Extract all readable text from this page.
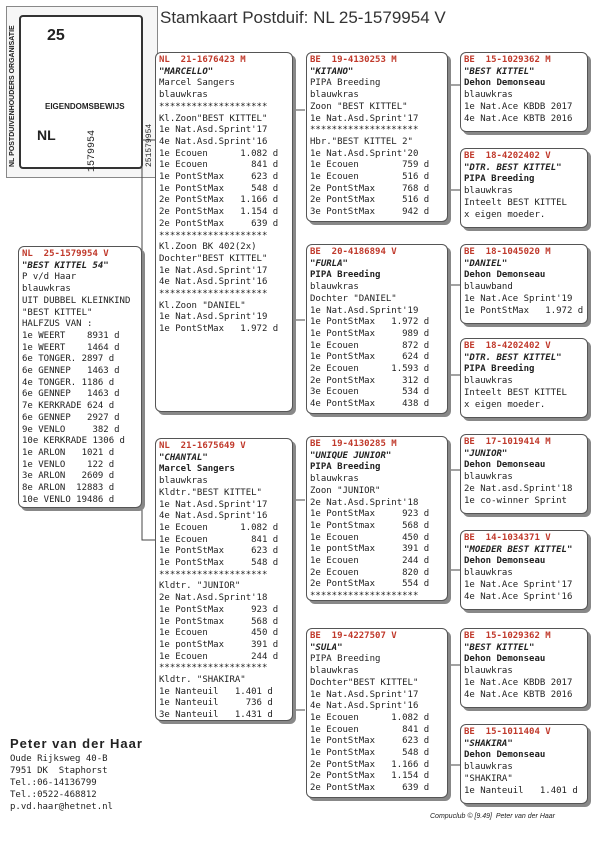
Stamkaart Postduif: NL 25-1579954 V
NL POSTDUIVENHOUDERS ORGANISATIE 25
EIGENDOMSBEWIJS
NL	1579954	251579954
NL  25-1579954 V
"BEST KITTEL 54"
P v/d Haar
blauwkras
UIT DUBBEL KLEINKIND
"BEST KITTEL"
HALFZUS VAN :
1e WEERT    8931 d
1e WEERT    1464 d
6e TONGER. 2897 d
6e GENNEP   1463 d
4e TONGER. 1186 d
6e GENNEP   1463 d
7e KERKRADE 624 d
6e GENNEP   2927 d
9e VENLO     382 d
10e KERKRADE 1306 d
1e ARLON   1021 d
1e VENLO    122 d
3e ARLON   2609 d
8e ARLON  12883 d
10e VENLO 19486 d
NL  21-1676423 M
"MARCELLO"
Marcel Sangers
blauwkras
********************
Kl.Zoon"BEST KITTEL"
1e Nat.Asd.Sprint'17
4e Nat.Asd.Sprint'16
1e Ecouen      1.082 d
1e Ecouen        841 d
1e PontStMax     623 d
1e PontStMax     548 d
2e PontStMax   1.166 d
2e PontStMax   1.154 d
2e PontStMax     639 d
********************
Kl.Zoon BK 402(2x)
Dochter"BEST KITTEL"
1e Nat.Asd.Sprint'17
4e Nat.Asd.Sprint'16
********************
Kl.Zoon "DANIEL"
1e Nat.Asd.Sprint'19
1e PontStMax   1.972 d
NL  21-1675649 V
"CHANTAL"
Marcel Sangers
blauwkras
Kldtr."BEST KITTEL"
1e Nat.Asd.Sprint'17
4e Nat.Asd.Sprint'16
1e Ecouen      1.082 d
1e Ecouen        841 d
1e PontStMax     623 d
1e PontStMax     548 d
********************
Kldtr. "JUNIOR"
2e Nat.Asd.Sprint'18
1e PontStMax     923 d
1e PontStmax     568 d
1e Ecouen        450 d
1e pontStMax     391 d
1e Ecouen        244 d
********************
Kldtr. "SHAKIRA"
1e Nanteuil   1.401 d
1e Nanteuil     736 d
3e Nanteuil   1.431 d
BE  19-4130253 M
"KITANO"
PIPA Breeding
blauwkras
Zoon "BEST KITTEL"
1e Nat.Asd.Sprint'17
********************
Hbr."BEST KITTEL 2"
1e Nat.Asd.Sprint'20
1e Ecouen        759 d
1e Ecouen        516 d
2e PontStMax     768 d
2e PontStMax     516 d
3e PontStMax     942 d
BE  20-4186894 V
"FURLA"
PIPA Breeding
blauwkras
Dochter "DANIEL"
1e Nat.Asd.Sprint'19
1e PontStMax   1.972 d
1e PontStMax     989 d
1e Ecouen        872 d
1e PontStMax     624 d
2e Ecouen      1.593 d
2e PontStMax     312 d
3e Ecouen        534 d
4e PontStMax     438 d
BE  19-4130285 M
"UNIQUE JUNIOR"
PIPA Breeding
blauwkras
Zoon "JUNIOR"
2e Nat.Asd.Sprint'18
1e PontStMax     923 d
1e PontStmax     568 d
1e Ecouen        450 d
1e pontStMax     391 d
1e Ecouen        244 d
2e Ecouen        820 d
2e PontStMax     554 d
********************
BE  19-4227507 V
"SULA"
PIPA Breeding
blauwkras
Dochter"BEST KITTEL"
1e Nat.Asd.Sprint'17
4e Nat.Asd.Sprint'16
1e Ecouen      1.082 d
1e Ecouen        841 d
1e PontStMax     623 d
1e PontStMax     548 d
2e PontStMax   1.166 d
2e PontStMax   1.154 d
2e PontStMax     639 d
BE  15-1029362 M
"BEST KITTEL"
Dehon Demonseau
blauwkras
1e Nat.Ace KBDB 2017
4e Nat.Ace KBTB 2016
BE  18-4202402 V
"DTR. BEST KITTEL"
PIPA Breeding
blauwkras
Inteelt BEST KITTEL
x eigen moeder.
BE  18-1045020 M
"DANIEL"
Dehon Demonseau
blauwband
1e Nat.Ace Sprint'19
1e PontStMax   1.972 d
BE  18-4202402 V
"DTR. BEST KITTEL"
PIPA Breeding
blauwkras
Inteelt BEST KITTEL
x eigen moeder.
BE  17-1019414 M
"JUNIOR"
Dehon Demonseau
blauwkras
2e Nat.asd.Sprint'18
1e co-winner Sprint
BE  14-1034371 V
"MOEDER BEST KITTEL"
Dehon Demonseau
blauwkras
1e Nat.Ace Sprint'17
4e Nat.Ace Sprint'16
BE  15-1029362 M
"BEST KITTEL"
Dehon Demonseau
blauwkras
1e Nat.Ace KBDB 2017
4e Nat.Ace KBTB 2016
BE  15-1011404 V
"SHAKIRA"
Dehon Demonseau
blauwkras
"SHAKIRA"
1e Nanteuil   1.401 d
Peter van der Haar
Oude Rijksweg 40-B
7951 DK  Staphorst
Tel.:06-14136799
Tel.:0522-468812
p.vd.haar@hetnet.nl
Compuclub © [9.49]  Peter van der Haar
